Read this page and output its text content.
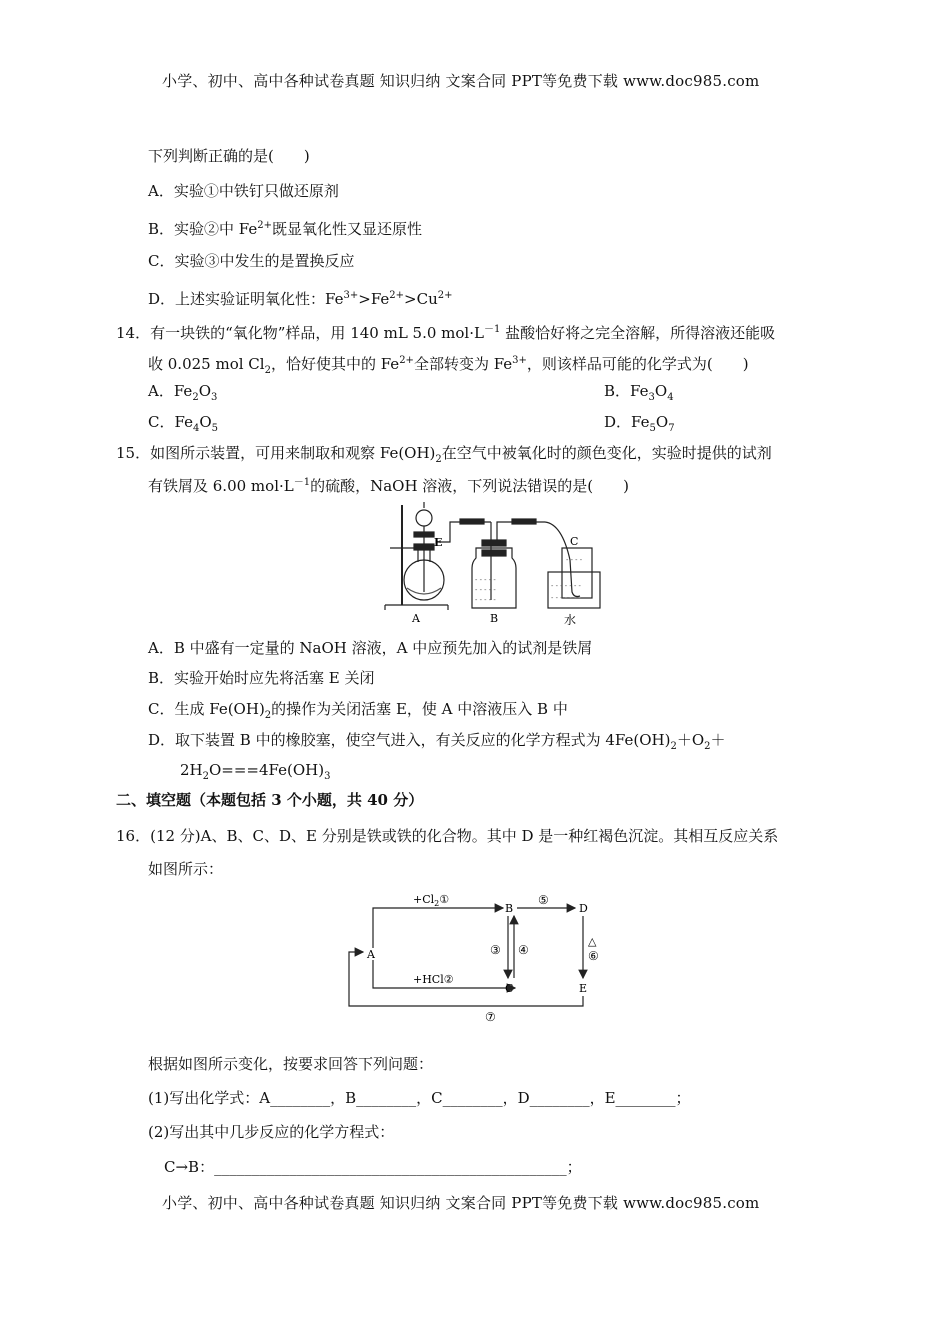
小学、初中、高中各种试卷真题 知识归纳 文案合同 PPT等免费下载 www.doc985.com
下列判断正确的是(　　)
A．实验①中铁钉只做还原剂
B．实验②中 $Fe^{2+}$既显氧化性又显还原性
C．实验③中发生的是置换反应
D．上述实验证明氧化性：$Fe^{3+}>Fe^{2+}>Cu^{2+}$
14．有一块铁的“氧化物”样品，用 140 mL 5.0 $mol\cdot L^{-1}$ 盐酸恰好将之完全溶解，所得溶液还能吸
收 0.025 mol $Cl_2$，恰好使其中的 $Fe^{2+}$全部转变为 $Fe^{3+}$，则该样品可能的化学式为(　　)
A．$Fe_2O_3$	B．$Fe_3O_4$
C．$Fe_4O_5$	D．$Fe_5O_7$
15．如图所示装置，可用来制取和观察 $Fe(OH)_2$在空气中被氧化时的颜色变化，实验时提供的试剂
有铁屑及 6.00 $mol\cdot L^{-1}$的硫酸，NaOH 溶液，下列说法错误的是(　　)
- - - - -
- - - - -
- - - - -
- - - - - - -
- - - - - - -
- - - -
A	B
C
E
水
A．B 中盛有一定量的 NaOH 溶液，A 中应预先加入的试剂是铁屑
B．实验开始时应先将活塞 E 关闭
C．生成 $Fe(OH)_2$的操作为关闭活塞 E，使 A 中溶液压入 B 中
D．取下装置 B 中的橡胶塞，使空气进入，有关反应的化学方程式为 $4Fe(OH)_2+O_2+$
$2H_2O===4Fe(OH)_3$
二、填空题（本题包括 3 个小题，共 40 分）
16．(12 分)A、B、C、D、E 分别是铁或铁的化合物。其中 D 是一种红褐色沉淀。其相互反应关系
如图所示：
A
B
C
D
E
$+Cl_2①$
+HCl②
③ ④
⑤
△
⑥
⑦
根据如图所示变化，按要求回答下列问题：
(1)写出化学式：A________，B________，C________，D________，E________；
(2)写出其中几步反应的化学方程式：
C→B：_______________________________________________；
小学、初中、高中各种试卷真题 知识归纳 文案合同 PPT等免费下载 www.doc985.com
